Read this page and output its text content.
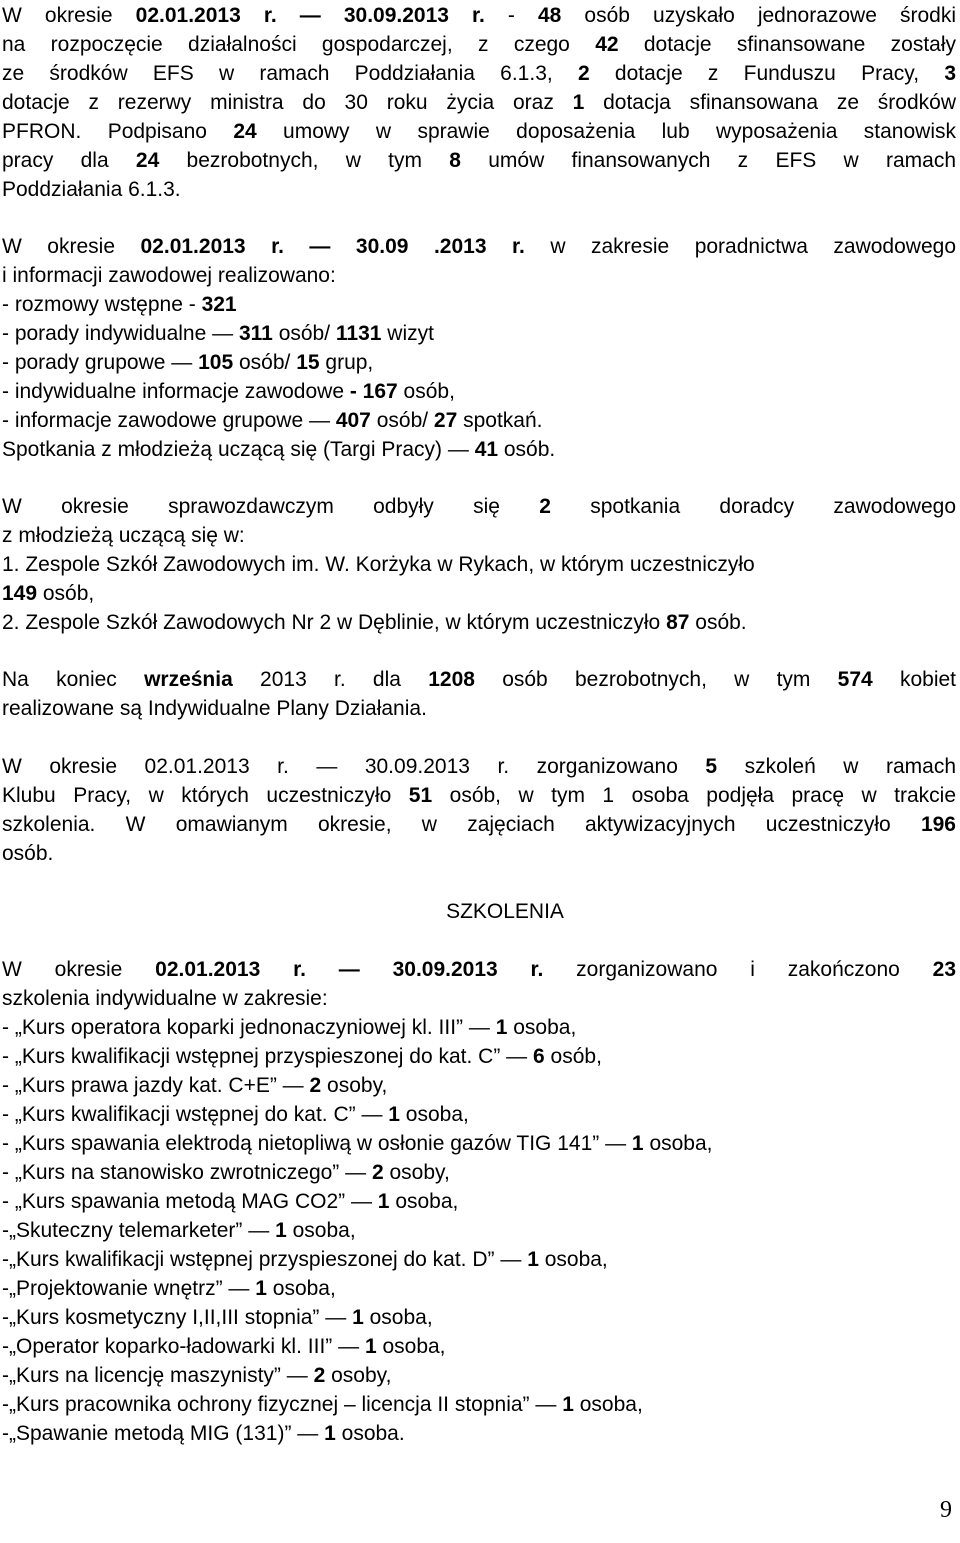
W okresie 02.01.2013 r. — 30.09.2013 r. - 48 osób uzyskało jednorazowe środki
na rozpoczęcie działalności gospodarczej, z czego 42 dotacje sfinansowane zostały
ze środków EFS w ramach Poddziałania 6.1.3, 2 dotacje z Funduszu Pracy, 3
dotacje z rezerwy ministra do 30 roku życia oraz 1 dotacja sfinansowana ze środków
PFRON. Podpisano 24 umowy w sprawie doposażenia lub wyposażenia stanowisk
pracy dla 24 bezrobotnych, w tym 8 umów finansowanych z EFS w ramach
Poddziałania 6.1.3.
W okresie 02.01.2013 r. — 30.09 .2013 r. w zakresie poradnictwa zawodowego
i informacji zawodowej realizowano:
- rozmowy wstępne - 321
- porady indywidualne — 311 osób/ 1131 wizyt
- porady grupowe — 105 osób/ 15 grup,
- indywidualne informacje zawodowe - 167 osób,
- informacje zawodowe grupowe — 407 osób/ 27 spotkań.
Spotkania z młodzieżą uczącą się (Targi Pracy) — 41 osób.
W okresie sprawozdawczym odbyły się 2 spotkania doradcy zawodowego
z młodzieżą uczącą się w:
1. Zespole Szkół Zawodowych im. W. Korżyka w Rykach, w którym uczestniczyło
149 osób,
2. Zespole Szkół Zawodowych Nr 2 w Dęblinie, w którym uczestniczyło 87 osób.
Na koniec września 2013 r. dla 1208 osób bezrobotnych, w tym 574 kobiet
realizowane są Indywidualne Plany Działania.
W okresie 02.01.2013 r. — 30.09.2013 r. zorganizowano 5 szkoleń w ramach
Klubu Pracy, w których uczestniczyło 51 osób, w tym 1 osoba podjęła pracę w trakcie
szkolenia. W omawianym okresie, w zajęciach aktywizacyjnych uczestniczyło 196
osób.
SZKOLENIA
W okresie 02.01.2013 r. — 30.09.2013 r. zorganizowano i zakończono 23
szkolenia indywidualne w zakresie:
- „Kurs operatora koparki jednonaczyniowej kl. III” — 1 osoba,
- „Kurs kwalifikacji wstępnej przyspieszonej do kat. C” — 6 osób,
- „Kurs prawa jazdy kat. C+E” — 2 osoby,
- „Kurs kwalifikacji wstępnej do kat. C” — 1 osoba,
- „Kurs spawania elektrodą nietopliwą w osłonie gazów TIG 141” — 1 osoba,
- „Kurs na stanowisko zwrotniczego” — 2 osoby,
- „Kurs spawania metodą MAG CO2” — 1 osoba,
-„Skuteczny telemarketer” — 1 osoba,
-„Kurs kwalifikacji wstępnej przyspieszonej do kat. D” — 1 osoba,
-„Projektowanie wnętrz” — 1 osoba,
-„Kurs kosmetyczny I,II,III stopnia” — 1 osoba,
-„Operator koparko-ładowarki kl. III” — 1 osoba,
-„Kurs na licencję maszynisty” — 2 osoby,
-„Kurs pracownika ochrony fizycznej – licencja II stopnia” — 1 osoba,
-„Spawanie metodą MIG (131)” — 1 osoba.
9
